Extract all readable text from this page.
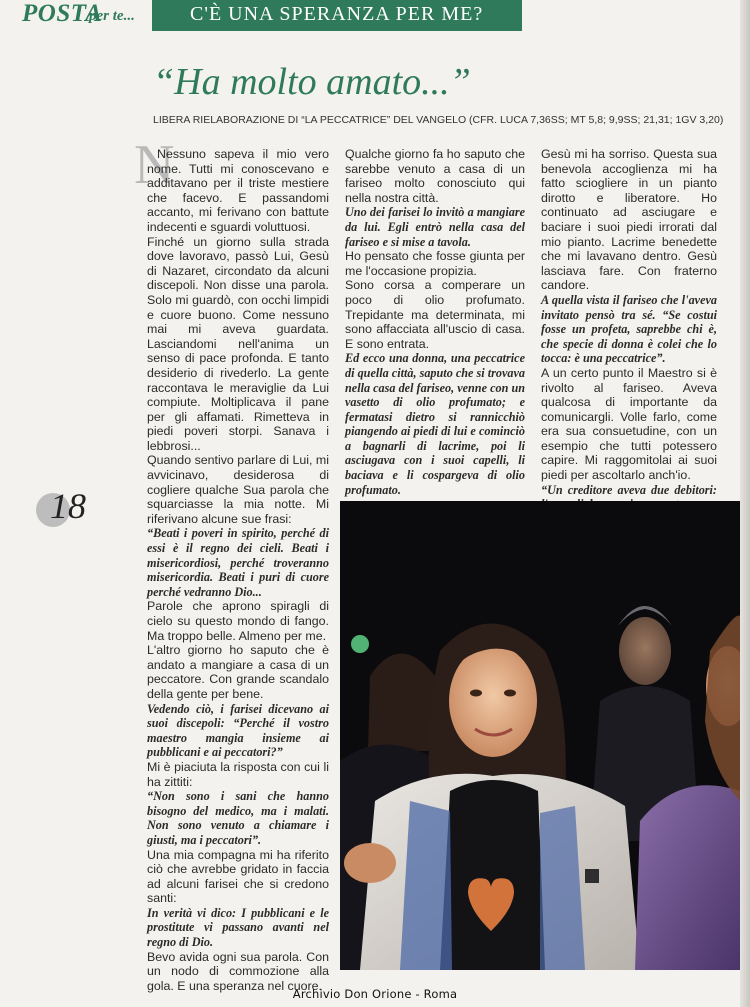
C'È UNA SPERANZA PER ME?
POSTA
per te...
“Ha molto amato...”
LIBERA RIELABORAZIONE DI “LA PECCATRICE” DEL VANGELO (CFR. LUCA 7,36SS; MT 5,8; 9,9SS; 21,31; 1GV 3,20)
N

Nessuno sapeva il mio vero nome. Tutti mi conoscevano e additavano per il triste mestiere che facevo. E passandomi accanto, mi ferivano con battute indecenti e sguardi voluttuosi.

Finché un giorno sulla strada dove lavoravo, passò Lui, Gesù di Nazaret, circondato da alcuni discepoli. Non disse una parola. Solo mi guardò, con occhi limpidi e cuore buono. Come nessuno mai mi aveva guardata. Lasciandomi nell'anima un senso di pace profonda. E tanto desiderio di rivederlo. La gente raccontava le meraviglie da Lui compiute. Moltiplicava il pane per gli affamati. Rimetteva in piedi poveri storpi. Sanava i lebbrosi...

Quando sentivo parlare di Lui, mi avvicinavo, desiderosa di cogliere qualche Sua parola che squarciasse la mia notte. Mi riferivano alcune sue frasi:

“Beati i poveri in spirito, perché di essi è il regno dei cieli. Beati i misericordiosi, perché troveranno misericordia. Beati i puri di cuore perché vedranno Dio...

Parole che aprono spiragli di cielo su questo mondo di fango. Ma troppo belle. Almeno per me.

L'altro giorno ho saputo che è andato a mangiare a casa di un peccatore. Con grande scandalo della gente per bene.

Vedendo ciò, i farisei dicevano ai suoi discepoli: “Perché il vostro maestro mangia insieme ai pubblicani e ai peccatori?”

Mi è piaciuta la risposta con cui li ha zittiti:

“Non sono i sani che hanno bisogno del medico, ma i malati. Non sono venuto a chiamare i giusti, ma i peccatori”.

Una mia compagna mi ha riferito ciò che avrebbe gridato in faccia ad alcuni farisei che si credono santi:

In verità vi dico: I pubblicani e le prostitute vi passano avanti nel regno di Dio.

Bevo avida ogni sua parola. Con un nodo di commozione alla gola. E una speranza nel cuore.

Qualche giorno fa ho saputo che sarebbe venuto a casa di un fariseo molto conosciuto qui nella nostra città.

Uno dei farisei lo invitò a mangiare da lui. Egli entrò nella casa del fariseo e si mise a tavola.

Ho pensato che fosse giunta per me l'occasione propizia.

Sono corsa a comperare un poco di olio profumato. Trepidante ma determinata, mi sono affacciata all'uscio di casa. E sono entrata.

Ed ecco una donna, una peccatrice di quella città, saputo che si trovava nella casa del fariseo, venne con un vasetto di olio profumato; e fermatasi dietro si rannicchiò piangendo ai piedi di lui e cominciò a bagnarli di lacrime, poi li asciugava con i suoi capelli, li baciava e li cospargeva di olio profumato.

Gesù mi ha sorriso. Questa sua benevola accoglienza mi ha fatto sciogliere in un pianto dirotto e liberatore. Ho continuato ad asciugare e baciare i suoi piedi irrorati dal mio pianto. Lacrime benedette che mi lavavano dentro. Gesù lasciava fare. Con fraterno candore.

A quella vista il fariseo che l'aveva invitato pensò tra sé. “Se costui fosse un profeta, saprebbe chi è, che specie di donna è colei che lo tocca: è una peccatrice”.

A un certo punto il Maestro si è rivolto al fariseo. Aveva qualcosa di importante da comunicargli. Volle farlo, come era sua consuetudine, con un esempio che tutti potessero capire. Mi raggomitolai ai suoi piedi per ascoltarlo anch'io.

“Un creditore aveva due debitori:

18
Archivio Don Orione - Roma
